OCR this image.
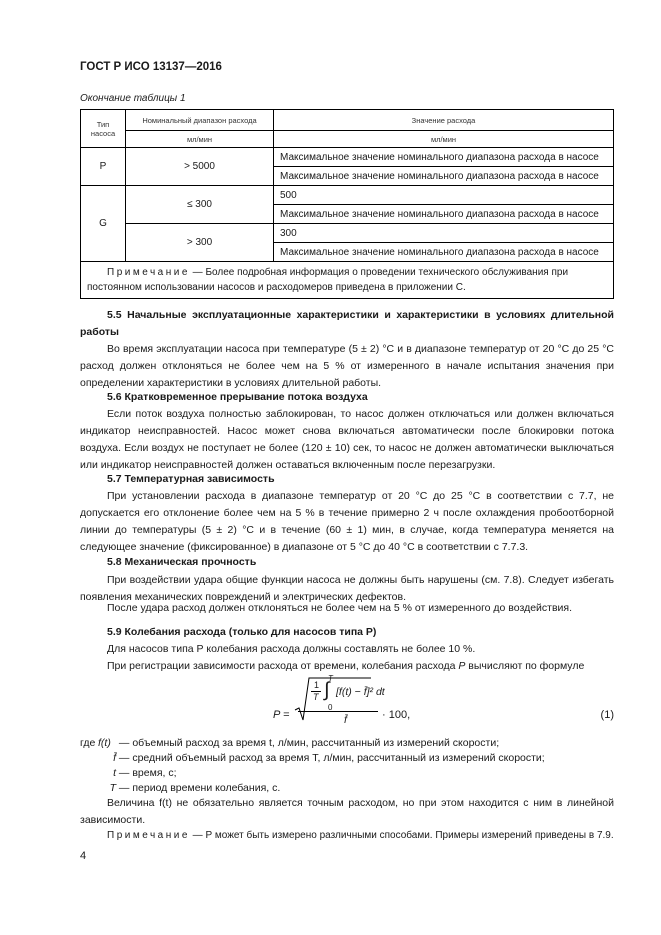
ГОСТ Р ИСО 13137—2016
Окончание таблицы 1
Тип насоса	Номинальный диапазон расхода	Значение расхода
	мл/мин	мл/мин
P	> 5000	Максимальное значение номинального диапазона расхода в насосе
		Максимальное значение номинального диапазона расхода в насосе
G	≤ 300	500
		Максимальное значение номинального диапазона расхода в насосе
	> 300	300
		Максимальное значение номинального диапазона расхода в насосе
Примечание — Более подробная информация о проведении технического обслуживания при постоянном использовании насосов и расходомеров приведена в приложении С.		
5.5 Начальные эксплуатационные характеристики и характеристики в условиях длительной работы
Во время эксплуатации насоса при температуре (5 ± 2) °С и в диапазоне температур от 20 °С до 25 °С расход должен отклоняться не более чем на 5 % от измеренного в начале испытания значения при определении характеристики в условиях длительной работы.
5.6 Кратковременное прерывание потока воздуха
Если поток воздуха полностью заблокирован, то насос должен отключаться или должен включаться индикатор неисправностей. Насос может снова включаться автоматически после блокировки потока воздуха. Если воздух не поступает не более (120 ± 10) сек, то насос не должен автоматически выключаться или индикатор неисправностей должен оставаться включенным после перезагрузки.
5.7 Температурная зависимость
При установлении расхода в диапазоне температур от 20 °С до 25 °С в соответствии с 7.7, не допускается его отклонение более чем на 5 % в течение примерно 2 ч после охлаждения пробоотборной линии до температуры (5 ± 2) °С и в течение (60 ± 1) мин, в случае, когда температура меняется на следующее значение (фиксированное) в диапазоне от 5 °С до 40 °С в соответствии с 7.7.3.
5.8 Механическая прочность
При воздействии удара общие функции насоса не должны быть нарушены (см. 7.8). Следует избегать появления механических повреждений и электрических дефектов.
После удара расход должен отклоняться не более чем на 5 % от измеренного до воздействия.
5.9 Колебания расхода (только для насосов типа Р)
Для насосов типа Р колебания расхода должны составлять не более 10 %.
При регистрации зависимости расхода от времени, колебания расхода Р вычисляют по формуле
P =
1
T
T
∫
0
[f(t) − f̄]² dt
f̄	· 100,	(1)
где f(t) — объемный расход за время t, л/мин, рассчитанный из измерений скорости;
f̄ — средний объемный расход за время T, л/мин, рассчитанный из измерений скорости;
t — время, с;
T — период времени колебания, с.
Величина f(t) не обязательно является точным расходом, но при этом находится с ним в линейной зависимости.
Примечание — Р может быть измерено различными способами. Примеры измерений приведены в 7.9.
4
